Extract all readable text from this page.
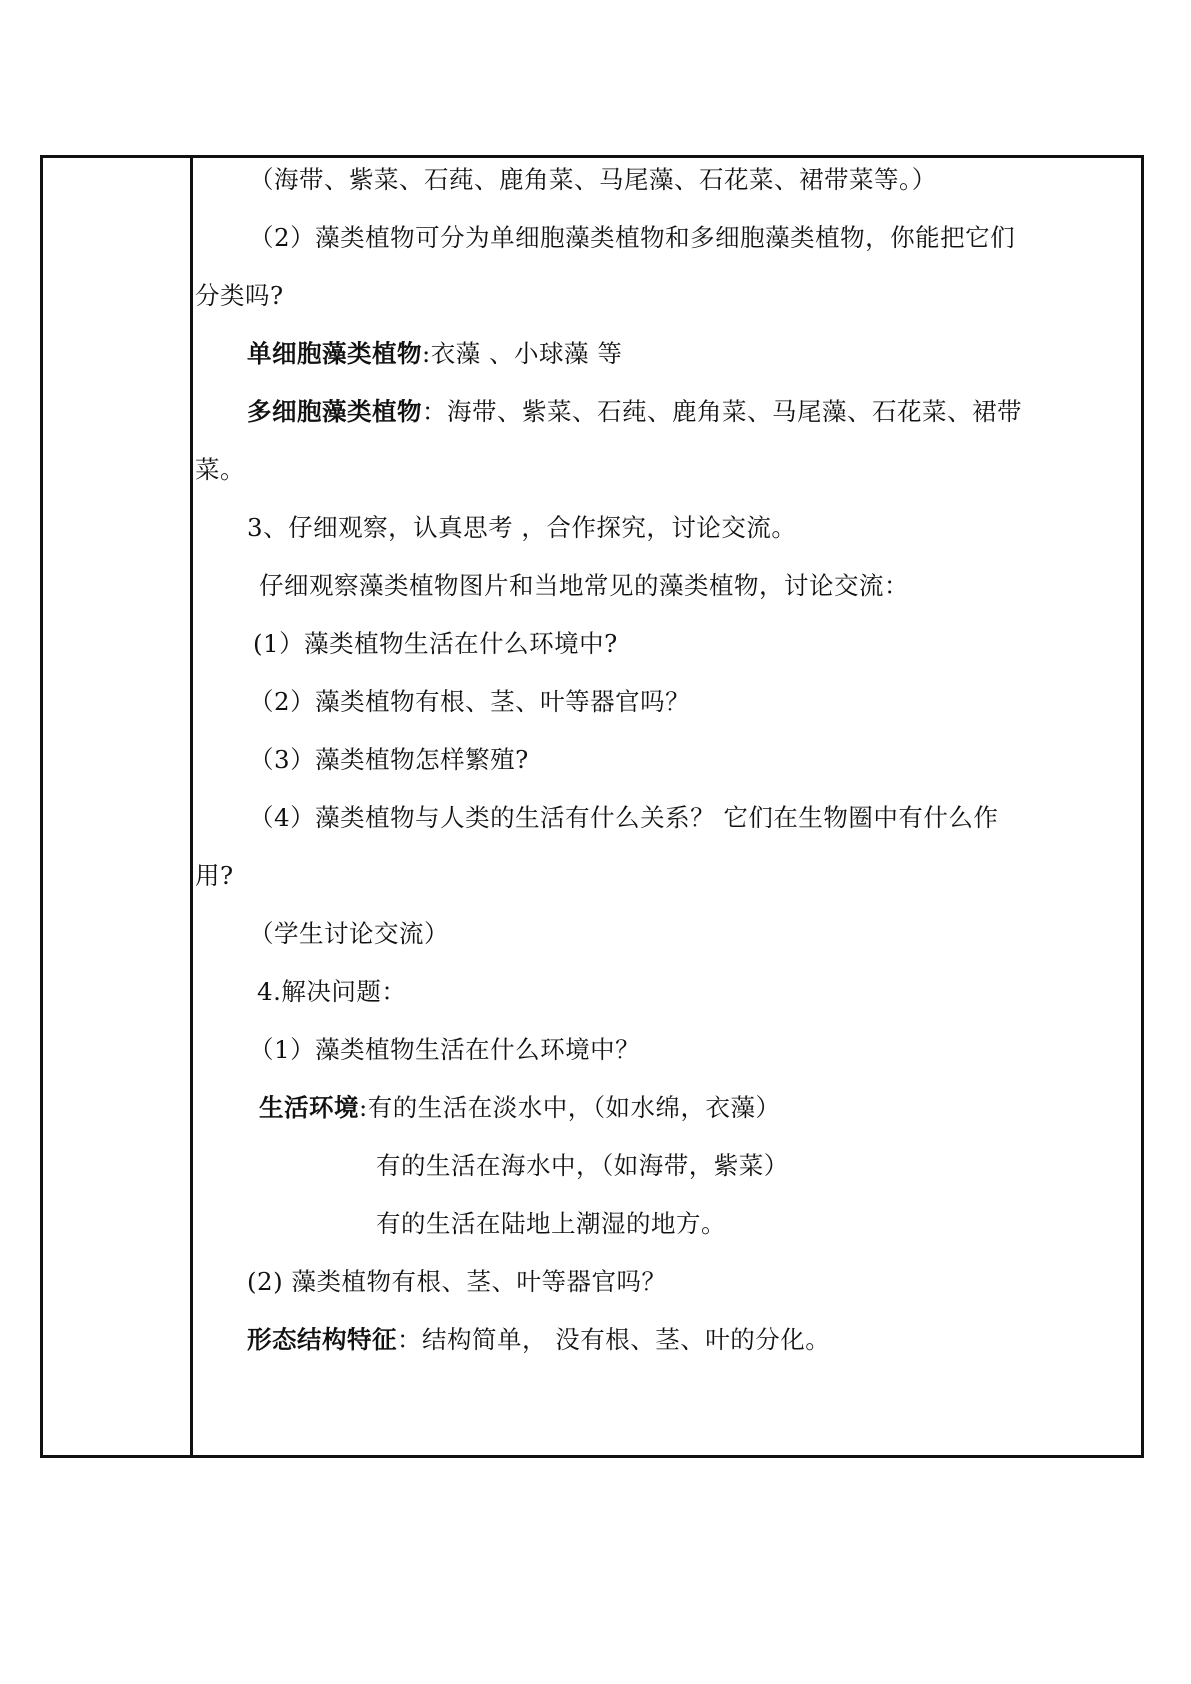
（海带、紫菜、石莼、鹿角菜、马尾藻、石花菜、裙带菜等。）
（2）藻类植物可分为单细胞藻类植物和多细胞藻类植物，你能把它们
分类吗?
单细胞藻类植物:衣藻 、小球藻 等
多细胞藻类植物：海带、紫菜、石莼、鹿角菜、马尾藻、石花菜、裙带
菜。
3、仔细观察，认真思考 ，合作探究，讨论交流。
仔细观察藻类植物图片和当地常见的藻类植物，讨论交流：
(1）藻类植物生活在什么环境中?
（2）藻类植物有根、茎、叶等器官吗？
（3）藻类植物怎样繁殖?
（4）藻类植物与人类的生活有什么关系？ 它们在生物圈中有什么作
用?
（学生讨论交流）
4.解决问题：
（1）藻类植物生活在什么环境中？
生活环境:有的生活在淡水中，（如水绵，衣藻）
有的生活在海水中，（如海带，紫菜）
有的生活在陆地上潮湿的地方。
(2) 藻类植物有根、茎、叶等器官吗？
形态结构特征：结构简单， 没有根、茎、叶的分化。
